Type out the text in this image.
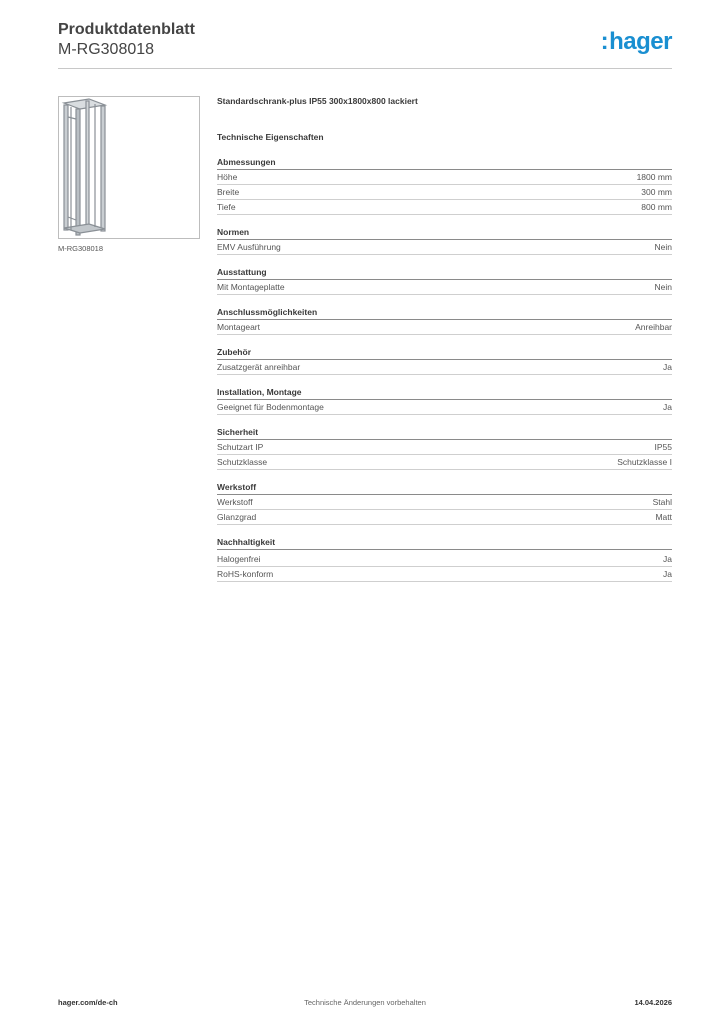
Produktdatenblatt
M-RG308018	:hager
M-RG308018
Standardschrank-plus IP55 300x1800x800 lackiert
Technische Eigenschaften
Abmessungen
Höhe	1800 mm
Breite	300 mm
Tiefe	800 mm
Normen
EMV Ausführung	Nein
Ausstattung
Mit Montageplatte	Nein
Anschlussmöglichkeiten
Montageart	Anreihbar
Zubehör
Zusatzgerät anreihbar	Ja
Installation, Montage
Geeignet für Bodenmontage	Ja
Sicherheit
Schutzart IP	IP55
Schutzklasse	Schutzklasse I
Werkstoff
Werkstoff	Stahl
Glanzgrad	Matt
Nachhaltigkeit
Halogenfrei	Ja
RoHS-konform	Ja
Technische Änderungen vorbehalten
hager.com/de-ch	14.04.2026
